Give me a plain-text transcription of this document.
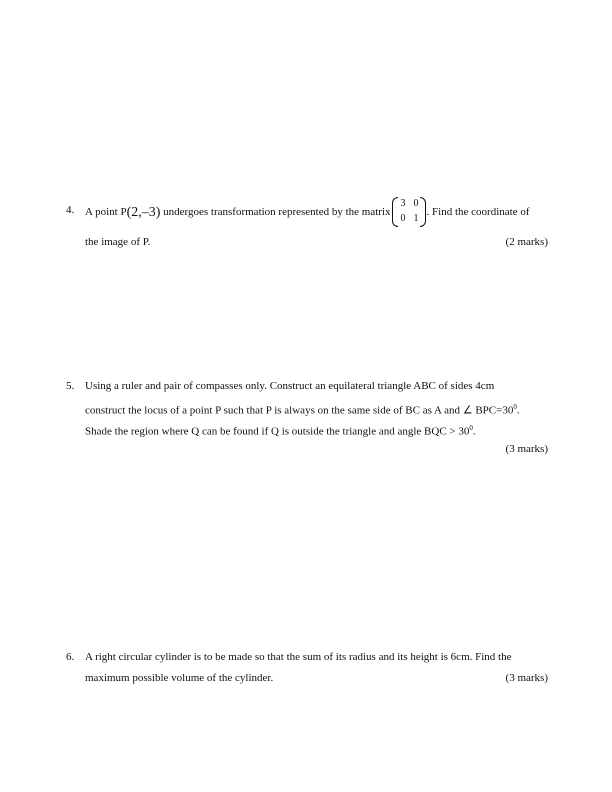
4. A point P (2,–3)
undergoes transformation represented by the matrix
3 0
0 1
. Find the coordinate of
the image of P.	(2 marks)
5. Using a ruler and pair of compasses only. Construct an equilateral triangle ABC of sides 4cm
construct the locus of a point P such that P is always on the same side of BC as A and ∠ $BPC=30^0$.
Shade the region where Q can be found if Q is outside the triangle and angle BQC > $30^0$.
(3 marks)
6. A right circular cylinder is to be made so that the sum of its radius and its height is 6cm. Find the
maximum possible volume of the cylinder.	(3 marks)
